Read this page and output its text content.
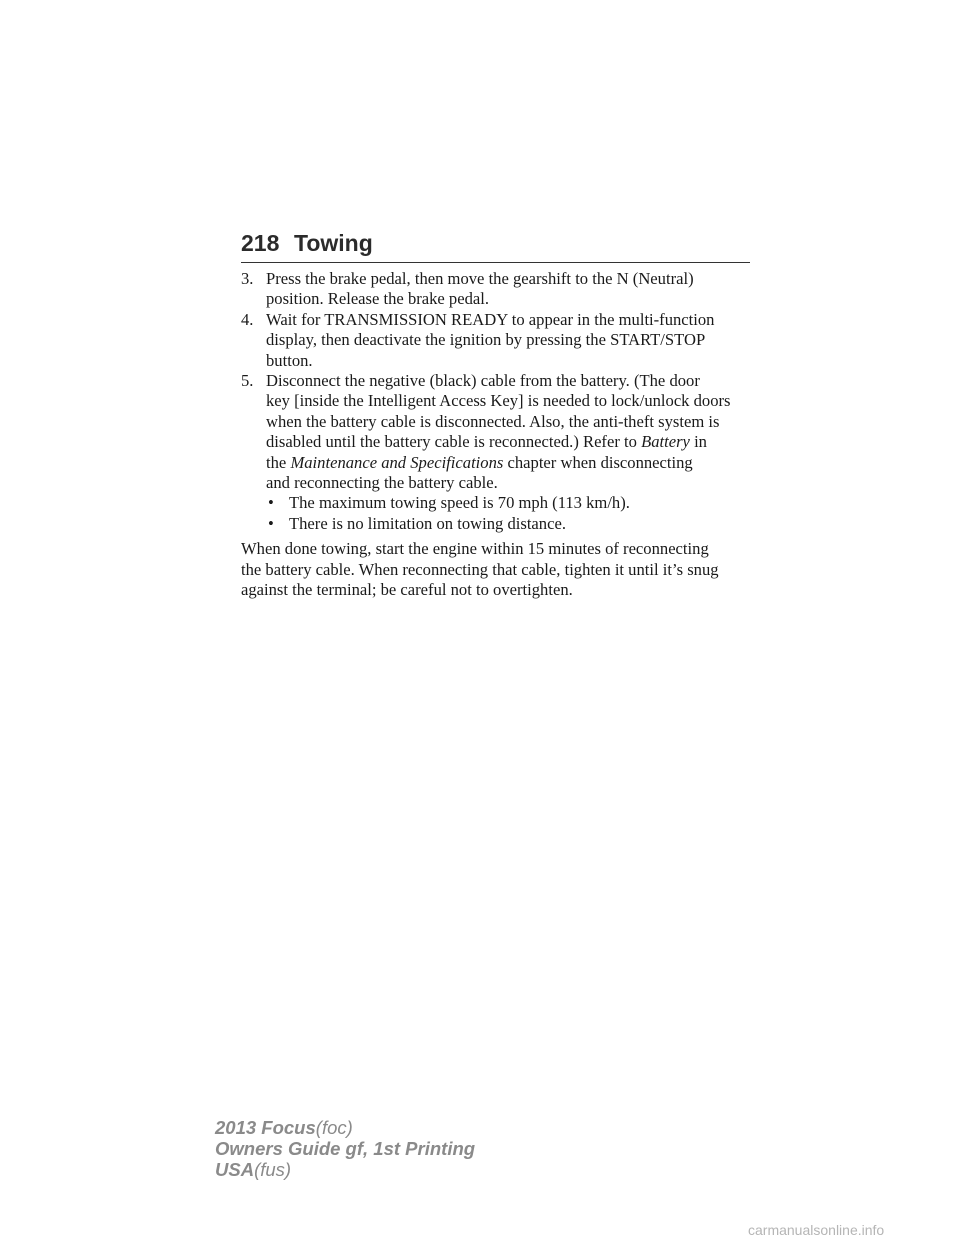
218 Towing
3. Press the brake pedal, then move the gearshift to the N (Neutral)
position. Release the brake pedal.
4. Wait for TRANSMISSION READY to appear in the multi-function
display, then deactivate the ignition by pressing the START/STOP
button.
5. Disconnect the negative (black) cable from the battery. (The door
key [inside the Intelligent Access Key] is needed to lock/unlock doors
when the battery cable is disconnected. Also, the anti-theft system is
disabled until the battery cable is reconnected.) Refer to Battery in
the Maintenance and Specifications chapter when disconnecting
and reconnecting the battery cable.
• The maximum towing speed is 70 mph (113 km/h).
• There is no limitation on towing distance.
When done towing, start the engine within 15 minutes of reconnecting
the battery cable. When reconnecting that cable, tighten it until it’s snug
against the terminal; be careful not to overtighten.
2013 Focus(foc)
Owners Guide gf, 1st Printing
USA(fus)
carmanualsonline.info
